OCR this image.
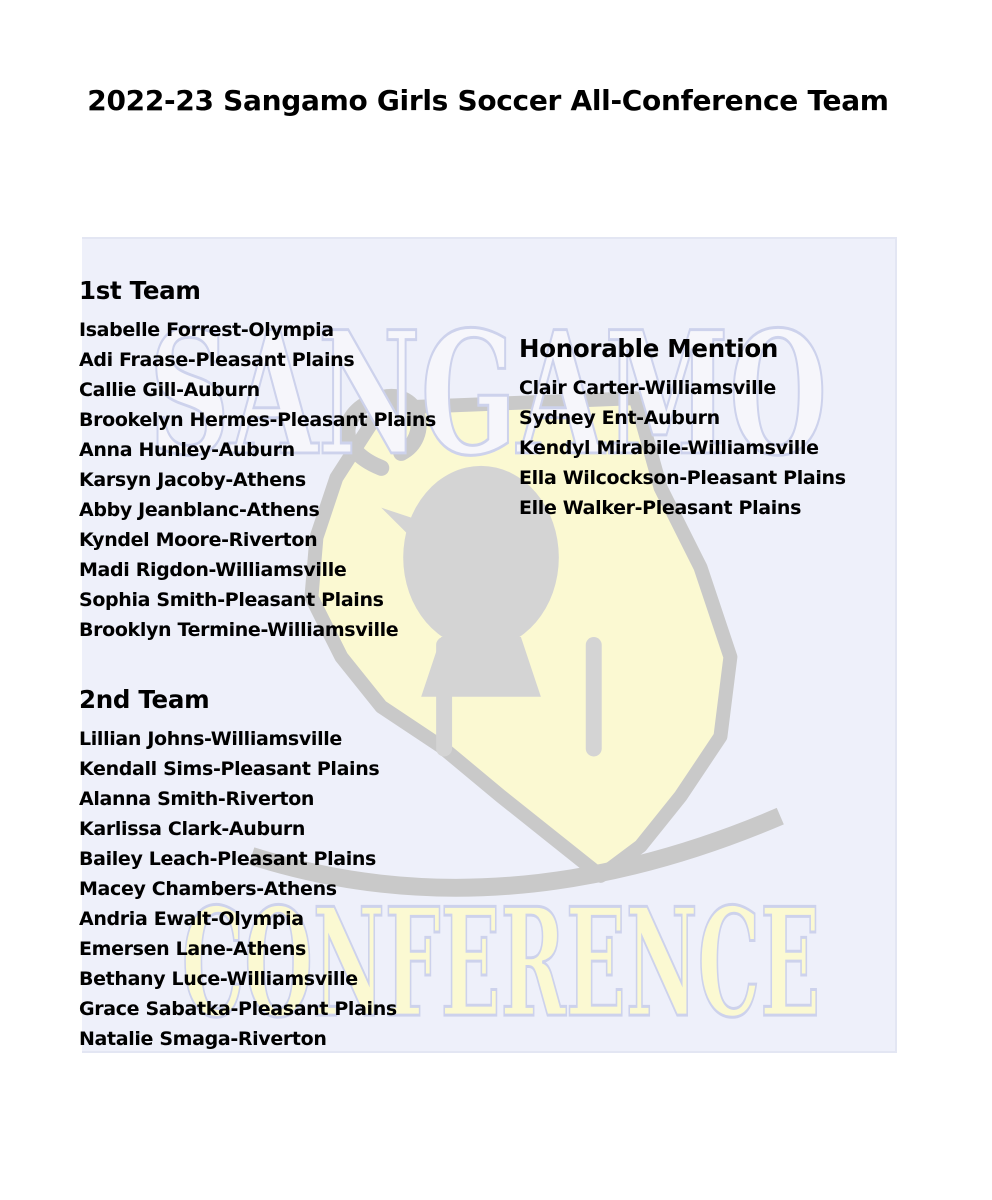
2022-23 Sangamo Girls Soccer All-Conference Team
SANGAMO
CONFERENCE
1st Team
Isabelle Forrest-Olympia
Adi Fraase-Pleasant Plains
Callie Gill-Auburn
Brookelyn Hermes-Pleasant Plains
Anna Hunley-Auburn
Karsyn Jacoby-Athens
Abby Jeanblanc-Athens
Kyndel Moore-Riverton
Madi Rigdon-Williamsville
Sophia Smith-Pleasant Plains
Brooklyn Termine-Williamsville
Honorable Mention
Clair Carter-Williamsville
Sydney Ent-Auburn
Kendyl Mirabile-Williamsville
Ella Wilcockson-Pleasant Plains
Elle Walker-Pleasant Plains
2nd Team
Lillian Johns-Williamsville
Kendall Sims-Pleasant Plains
Alanna Smith-Riverton
Karlissa Clark-Auburn
Bailey Leach-Pleasant Plains
Macey Chambers-Athens
Andria Ewalt-Olympia
Emersen Lane-Athens
Bethany Luce-Williamsville
Grace Sabatka-Pleasant Plains
Natalie Smaga-Riverton
